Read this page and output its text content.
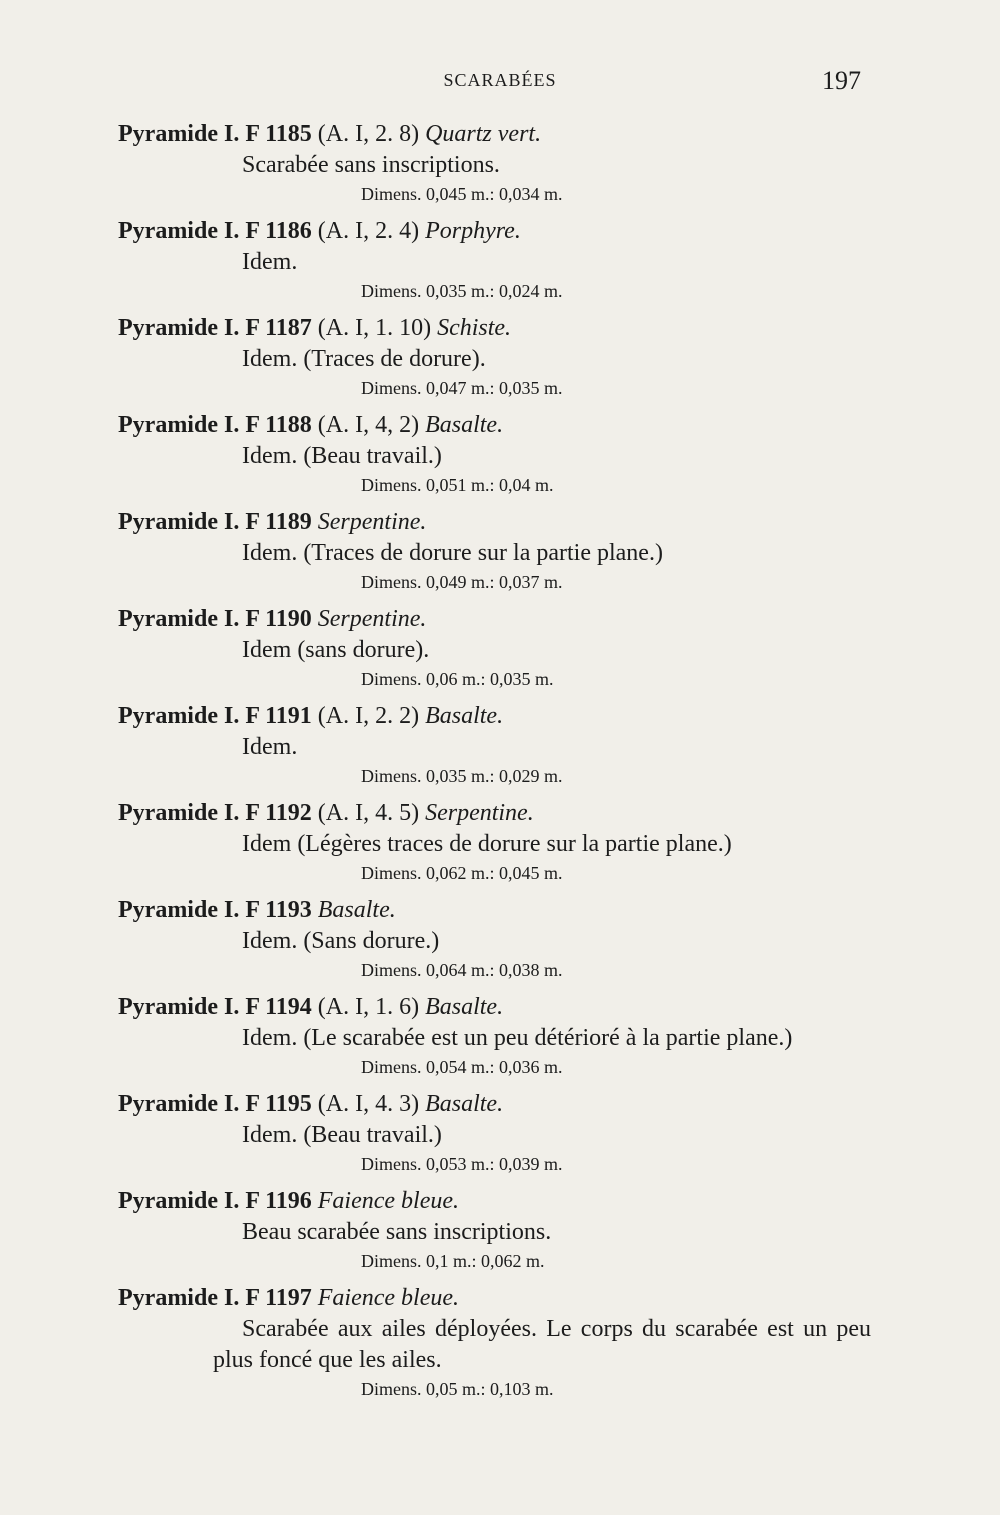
SCARABÉES	197
Pyramide I. F 1185 (A. I, 2. 8) Quartz vert.
Scarabée sans inscriptions.
Dimens. 0,045 m.: 0,034 m.
Pyramide I. F 1186 (A. I, 2. 4) Porphyre.
Idem.
Dimens. 0,035 m.: 0,024 m.
Pyramide I. F 1187 (A. I, 1. 10) Schiste.
Idem. (Traces de dorure).
Dimens. 0,047 m.: 0,035 m.
Pyramide I. F 1188 (A. I, 4, 2) Basalte.
Idem. (Beau travail.)
Dimens. 0,051 m.: 0,04 m.
Pyramide I. F 1189 Serpentine.
Idem. (Traces de dorure sur la partie plane.)
Dimens. 0,049 m.: 0,037 m.
Pyramide I. F 1190 Serpentine.
Idem (sans dorure).
Dimens. 0,06 m.: 0,035 m.
Pyramide I. F 1191 (A. I, 2. 2) Basalte.
Idem.
Dimens. 0,035 m.: 0,029 m.
Pyramide I. F 1192 (A. I, 4. 5) Serpentine.
Idem (Légères traces de dorure sur la partie plane.)
Dimens. 0,062 m.: 0,045 m.
Pyramide I. F 1193 Basalte.
Idem. (Sans dorure.)
Dimens. 0,064 m.: 0,038 m.
Pyramide I. F 1194 (A. I, 1. 6) Basalte.
Idem. (Le scarabée est un peu détérioré à la partie plane.)
Dimens. 0,054 m.: 0,036 m.
Pyramide I. F 1195 (A. I, 4. 3) Basalte.
Idem. (Beau travail.)
Dimens. 0,053 m.: 0,039 m.
Pyramide I. F 1196 Faience bleue.
Beau scarabée sans inscriptions.
Dimens. 0,1 m.: 0,062 m.
Pyramide I. F 1197 Faience bleue.
Scarabée aux ailes déployées. Le corps du scarabée est un peu plus foncé que les ailes.
Dimens. 0,05 m.: 0,103 m.
